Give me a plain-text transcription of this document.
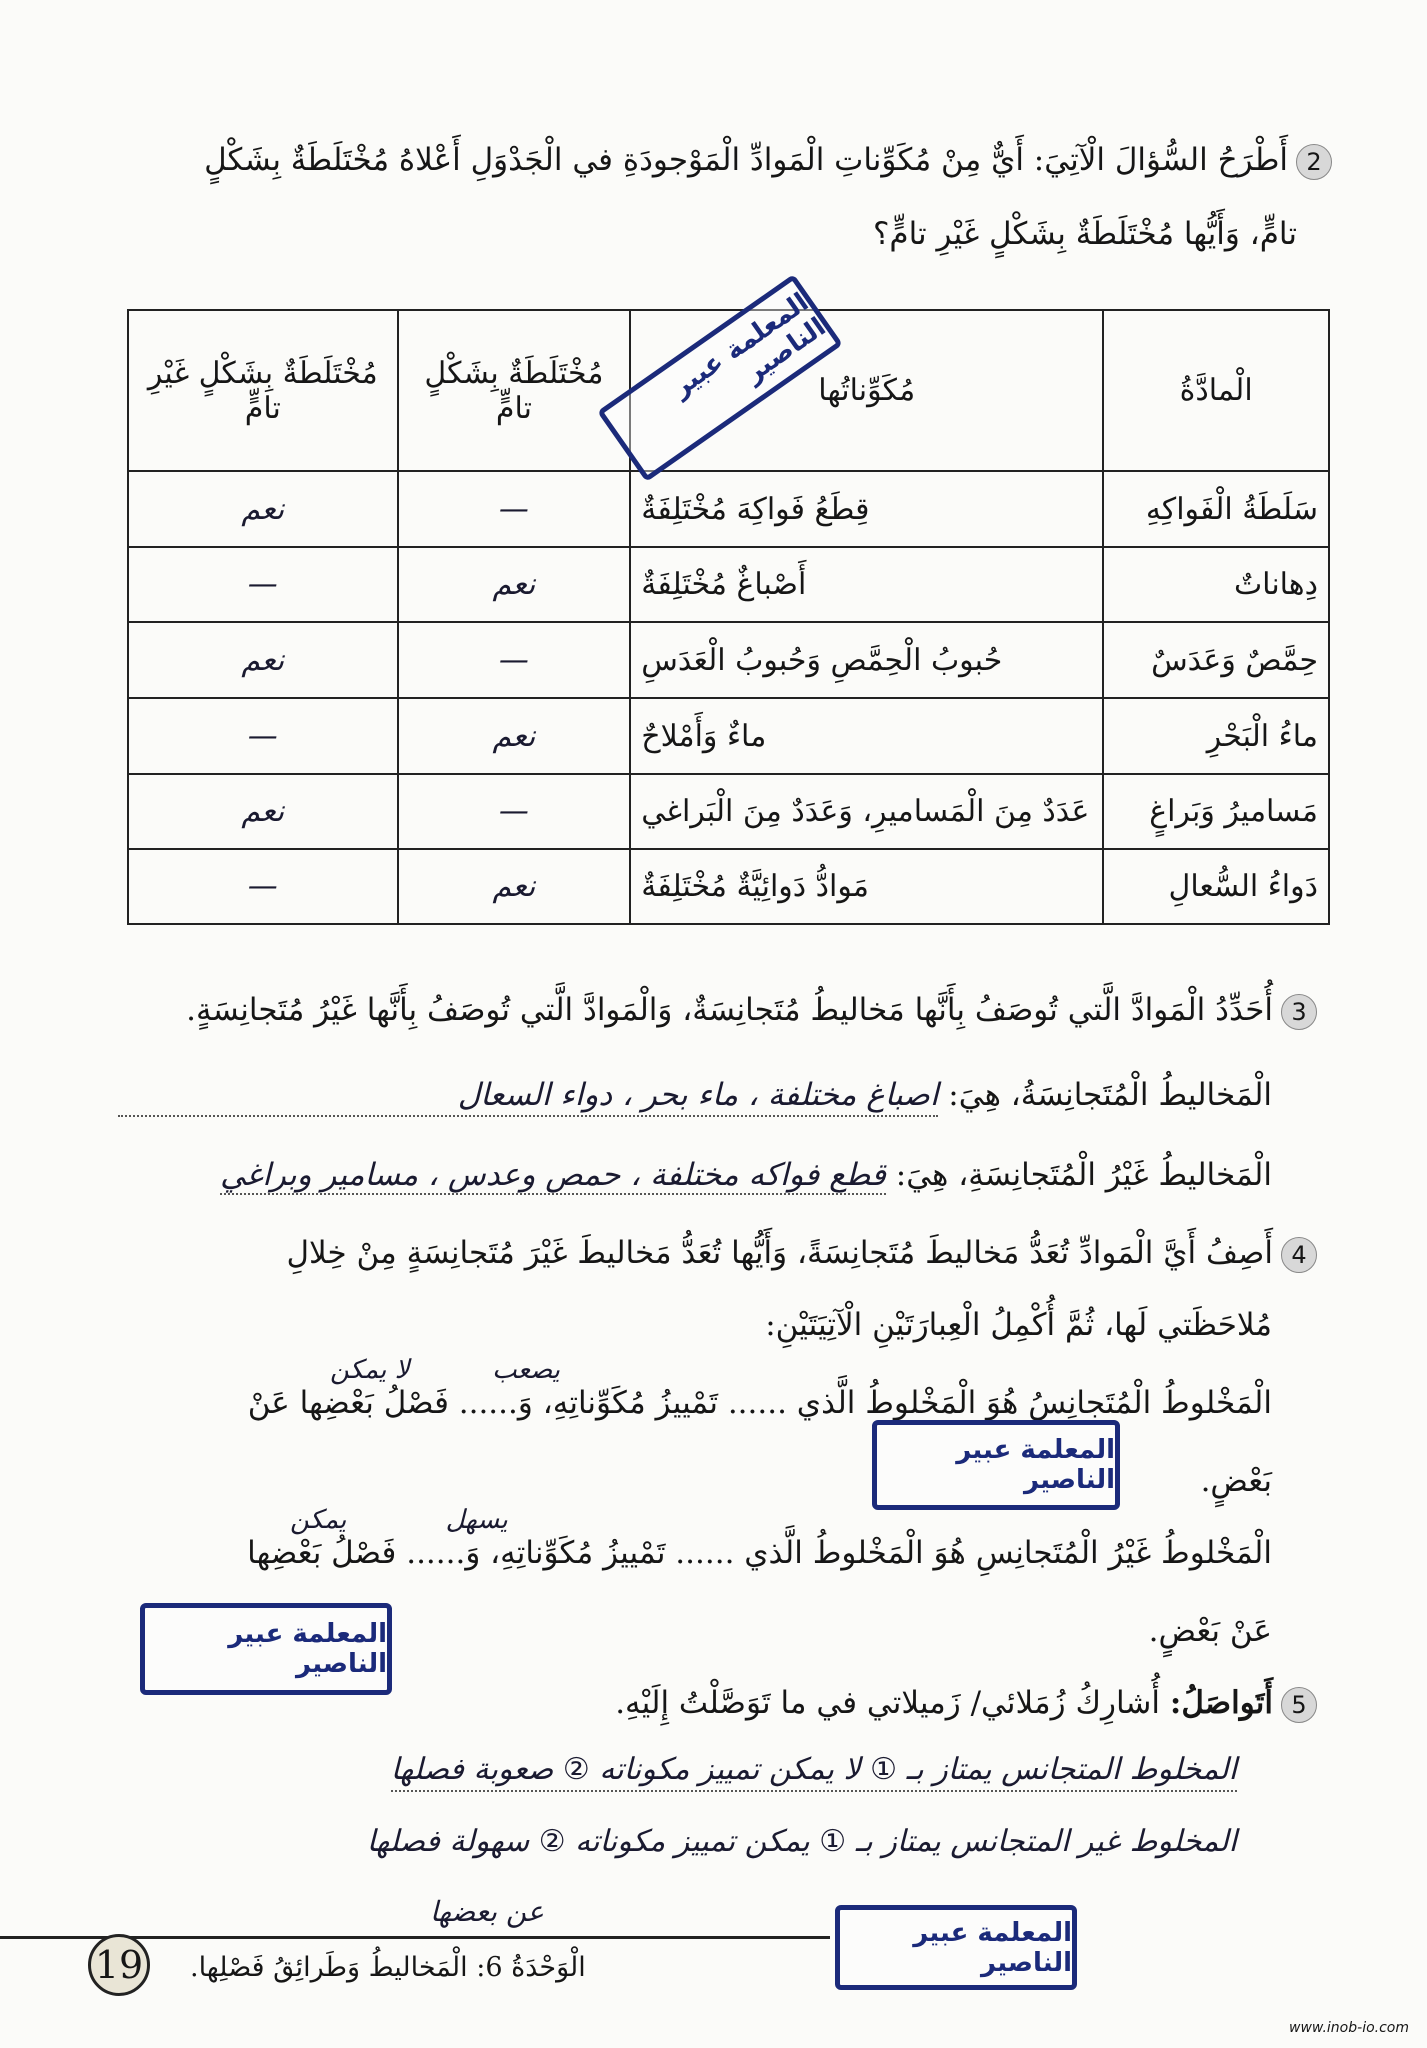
2أَطْرَحُ السُّؤالَ الْآتِيَ: أَيٌّ مِنْ مُكَوِّناتِ الْمَوادِّ الْمَوْجودَةِ في الْجَدْوَلِ أَعْلاهُ مُخْتَلَطَةٌ بِشَكْلٍ
تامٍّ، وَأَيُّها مُخْتَلَطَةٌ بِشَكْلٍ غَيْرِ تامٍّ؟
الْمادَّةُ	مُكَوِّناتُها	مُخْتَلَطَةٌ بِشَكْلٍ تامٍّ	مُخْتَلَطَةٌ بِشَكْلٍ غَيْرِ تامٍّ
سَلَطَةُ الْفَواكِهِ	قِطَعُ فَواكِهَ مُخْتَلِفَةٌ	—	نعم
دِهاناتٌ	أَصْباغٌ مُخْتَلِفَةٌ	نعم	—
حِمَّصٌ وَعَدَسٌ	حُبوبُ الْحِمَّصِ وَحُبوبُ الْعَدَسِ	—	نعم
ماءُ الْبَحْرِ	ماءٌ وَأَمْلاحٌ	نعم	—
مَساميرُ وَبَراغٍ	عَدَدٌ مِنَ الْمَساميرِ، وَعَدَدٌ مِنَ الْبَراغي	—	نعم
دَواءُ السُّعالِ	مَوادُّ دَوائِيَّةٌ مُخْتَلِفَةٌ	نعم	—
المعلمة عبير الناصير
3أُحَدِّدُ الْمَوادَّ الَّتي تُوصَفُ بِأَنَّها مَخاليطُ مُتَجانِسَةٌ، وَالْمَوادَّ الَّتي تُوصَفُ بِأَنَّها غَيْرُ مُتَجانِسَةٍ.
الْمَخاليطُ الْمُتَجانِسَةُ، هِيَ: اصباغ مختلفة ، ماء بحر ، دواء السعال
الْمَخاليطُ غَيْرُ الْمُتَجانِسَةِ، هِيَ: قطع فواكه مختلفة ، حمص وعدس ، مسامير وبراغي
4أَصِفُ أَيَّ الْمَوادِّ تُعَدُّ مَخاليطَ مُتَجانِسَةً، وَأَيُّها تُعَدُّ مَخاليطَ غَيْرَ مُتَجانِسَةٍ مِنْ خِلالِ
مُلاحَظَتي لَها، ثُمَّ أُكْمِلُ الْعِبارَتَيْنِ الْآتِيَتَيْنِ:
يصعب          لا يمكن
الْمَخْلوطُ الْمُتَجانِسُ هُوَ الْمَخْلوطُ الَّذي ...... تَمْييزُ مُكَوِّناتِهِ، وَ...... فَصْلُ بَعْضِها عَنْ
بَعْضٍ.
يسهل            يمكن
الْمَخْلوطُ غَيْرُ الْمُتَجانِسِ هُوَ الْمَخْلوطُ الَّذي ...... تَمْييزُ مُكَوِّناتِهِ، وَ...... فَصْلُ بَعْضِها
عَنْ بَعْضٍ.
المعلمة عبير الناصير
المعلمة عبير الناصير
5أَتَواصَلُ: أُشارِكُ زُمَلائي/ زَميلاتي في ما تَوَصَّلْتُ إِلَيْهِ.
المخلوط المتجانس يمتاز بـ ① لا يمكن تمييز مكوناته ② صعوبة فصلها
المخلوط غير المتجانس يمتاز بـ ① يمكن تمييز مكوناته ② سهولة فصلها
عن بعضها
19 الْوَحْدَةُ 6: الْمَخاليطُ وَطَرائِقُ فَصْلِها.
المعلمة عبير الناصير
www.inob-io.com
